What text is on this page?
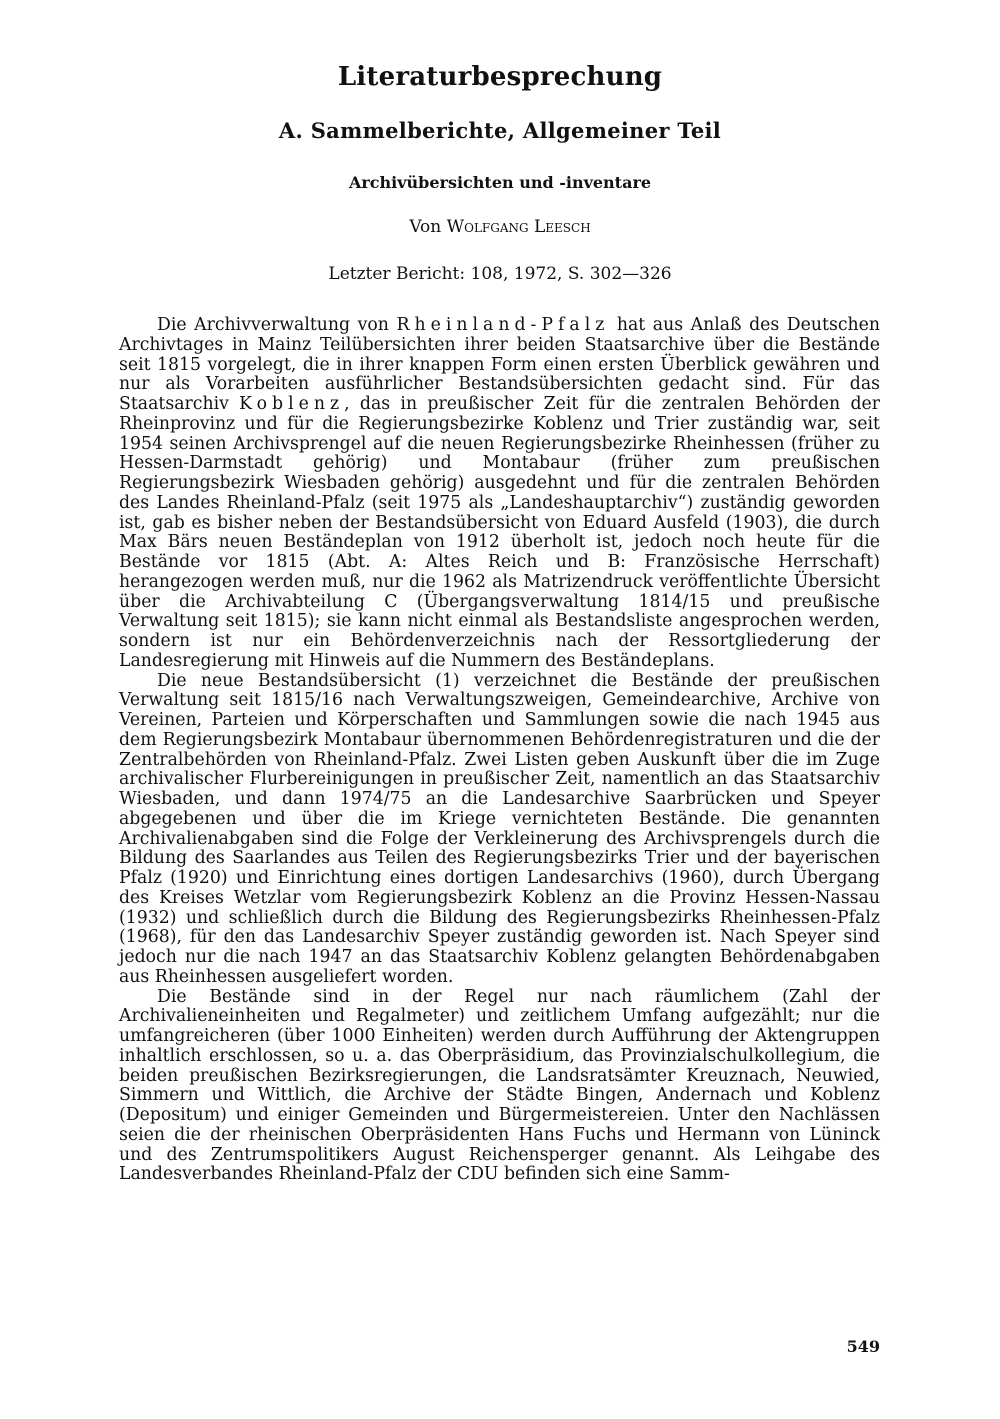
Literaturbesprechung
A. Sammelberichte, Allgemeiner Teil
Archivübersichten und -inventare
Von Wolfgang Leesch
Letzter Bericht: 108, 1972, S. 302—326

Die Archivverwaltung von Rheinland-Pfalz hat aus Anlaß des Deutschen Archivtages in Mainz Teilübersichten ihrer beiden Staatsarchive über die Bestände seit 1815 vorgelegt, die in ihrer knappen Form einen ersten Überblick gewähren und nur als Vorarbeiten ausführlicher Bestandsübersichten gedacht sind. Für das Staatsarchiv Koblenz, das in preußischer Zeit für die zentralen Behörden der Rheinprovinz und für die Regierungsbezirke Koblenz und Trier zuständig war, seit 1954 seinen Archivsprengel auf die neuen Regierungsbezirke Rheinhessen (früher zu Hessen-Darmstadt gehörig) und Montabaur (früher zum preußischen Regierungsbezirk Wiesbaden gehörig) ausgedehnt und für die zentralen Behörden des Landes Rheinland-Pfalz (seit 1975 als „Landeshauptarchiv“) zuständig geworden ist, gab es bisher neben der Bestandsübersicht von Eduard Ausfeld (1903), die durch Max Bärs neuen Beständeplan von 1912 überholt ist, jedoch noch heute für die Bestände vor 1815 (Abt. A: Altes Reich und B: Französische Herrschaft) herangezogen werden muß, nur die 1962 als Matrizendruck veröffentlichte Übersicht über die Archivabteilung C (Übergangsverwaltung 1814/15 und preußische Verwaltung seit 1815); sie kann nicht einmal als Bestandsliste angesprochen werden, sondern ist nur ein Behördenverzeichnis nach der Ressortgliederung der Landesregierung mit Hinweis auf die Nummern des Beständeplans.

Die neue Bestandsübersicht (1) verzeichnet die Bestände der preußischen Verwaltung seit 1815/16 nach Verwaltungszweigen, Gemeindearchive, Archive von Vereinen, Parteien und Körperschaften und Sammlungen sowie die nach 1945 aus dem Regierungsbezirk Montabaur übernommenen Behördenregistraturen und die der Zentralbehörden von Rheinland-Pfalz. Zwei Listen geben Auskunft über die im Zuge archivalischer Flurbereinigungen in preußischer Zeit, namentlich an das Staatsarchiv Wiesbaden, und dann 1974/75 an die Landesarchive Saarbrücken und Speyer abgegebenen und über die im Kriege vernichteten Bestände. Die genannten Archivalienabgaben sind die Folge der Verkleinerung des Archivsprengels durch die Bildung des Saarlandes aus Teilen des Regierungsbezirks Trier und der bayerischen Pfalz (1920) und Einrichtung eines dortigen Landesarchivs (1960), durch Übergang des Kreises Wetzlar vom Regierungsbezirk Koblenz an die Provinz Hessen-Nassau (1932) und schließlich durch die Bildung des Regierungsbezirks Rheinhessen-Pfalz (1968), für den das Landesarchiv Speyer zuständig geworden ist. Nach Speyer sind jedoch nur die nach 1947 an das Staatsarchiv Koblenz gelangten Behördenabgaben aus Rheinhessen ausgeliefert worden.

Die Bestände sind in der Regel nur nach räumlichem (Zahl der Archivalieneinheiten und Regalmeter) und zeitlichem Umfang aufgezählt; nur die umfangreicheren (über 1000 Einheiten) werden durch Aufführung der Aktengruppen inhaltlich erschlossen, so u. a. das Oberpräsidium, das Provinzialschulkollegium, die beiden preußischen Bezirksregierungen, die Landsratsämter Kreuznach, Neuwied, Simmern und Wittlich, die Archive der Städte Bingen, Andernach und Koblenz (Depositum) und einiger Gemeinden und Bürgermeistereien. Unter den Nachlässen seien die der rheinischen Oberpräsidenten Hans Fuchs und Hermann von Lüninck und des Zentrumspolitikers August Reichensperger genannt. Als Leihgabe des Landesverbandes Rheinland-Pfalz der CDU befinden sich eine Samm-

549
